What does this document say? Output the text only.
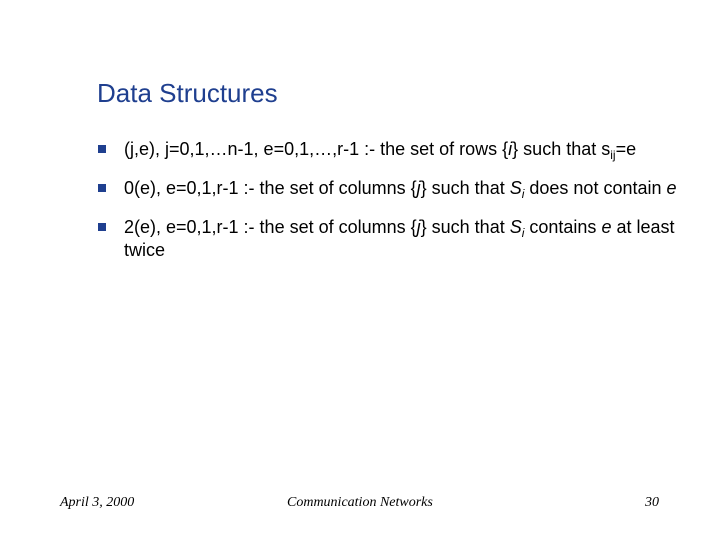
Data Structures
(j,e), j=0,1,…n-1, e=0,1,…,r-1 :- the set of rows {i} such that $s_{ij}=e$
0(e), e=0,1,r-1 :- the set of columns {j} such that $S_i$ does not contain e
2(e), e=0,1,r-1 :- the set of columns {j} such that $S_i$ contains e at least twice
April 3, 2000	Communication Networks	30
